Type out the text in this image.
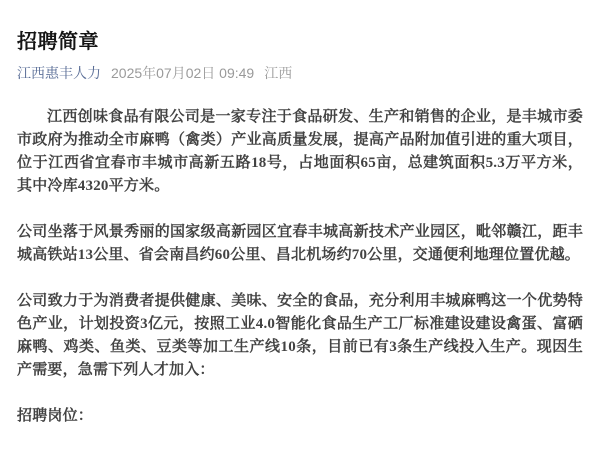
招聘简章
江西惠丰人力 2025年07月02日 09:49 江西

江西创味食品有限公司是一家专注于食品研发、生产和销售的企业，是丰城市委市政府为推动全市麻鸭（禽类）产业高质量发展，提高产品附加值引进的重大项目，位于江西省宜春市丰城市高新五路18号，占地面积65亩，总建筑面积5.3万平方米，其中冷库4320平方米。

公司坐落于风景秀丽的国家级高新园区宜春丰城高新技术产业园区，毗邻赣江，距丰城高铁站13公里、省会南昌约60公里、昌北机场约70公里，交通便利地理位置优越。

公司致力于为消费者提供健康、美味、安全的食品，充分利用丰城麻鸭这一个优势特色产业，计划投资3亿元，按照工业4.0智能化食品生产工厂标准建设建设禽蛋、富硒麻鸭、鸡类、鱼类、豆类等加工生产线10条，目前已有3条生产线投入生产。现因生产需要，急需下列人才加入：

招聘岗位：
